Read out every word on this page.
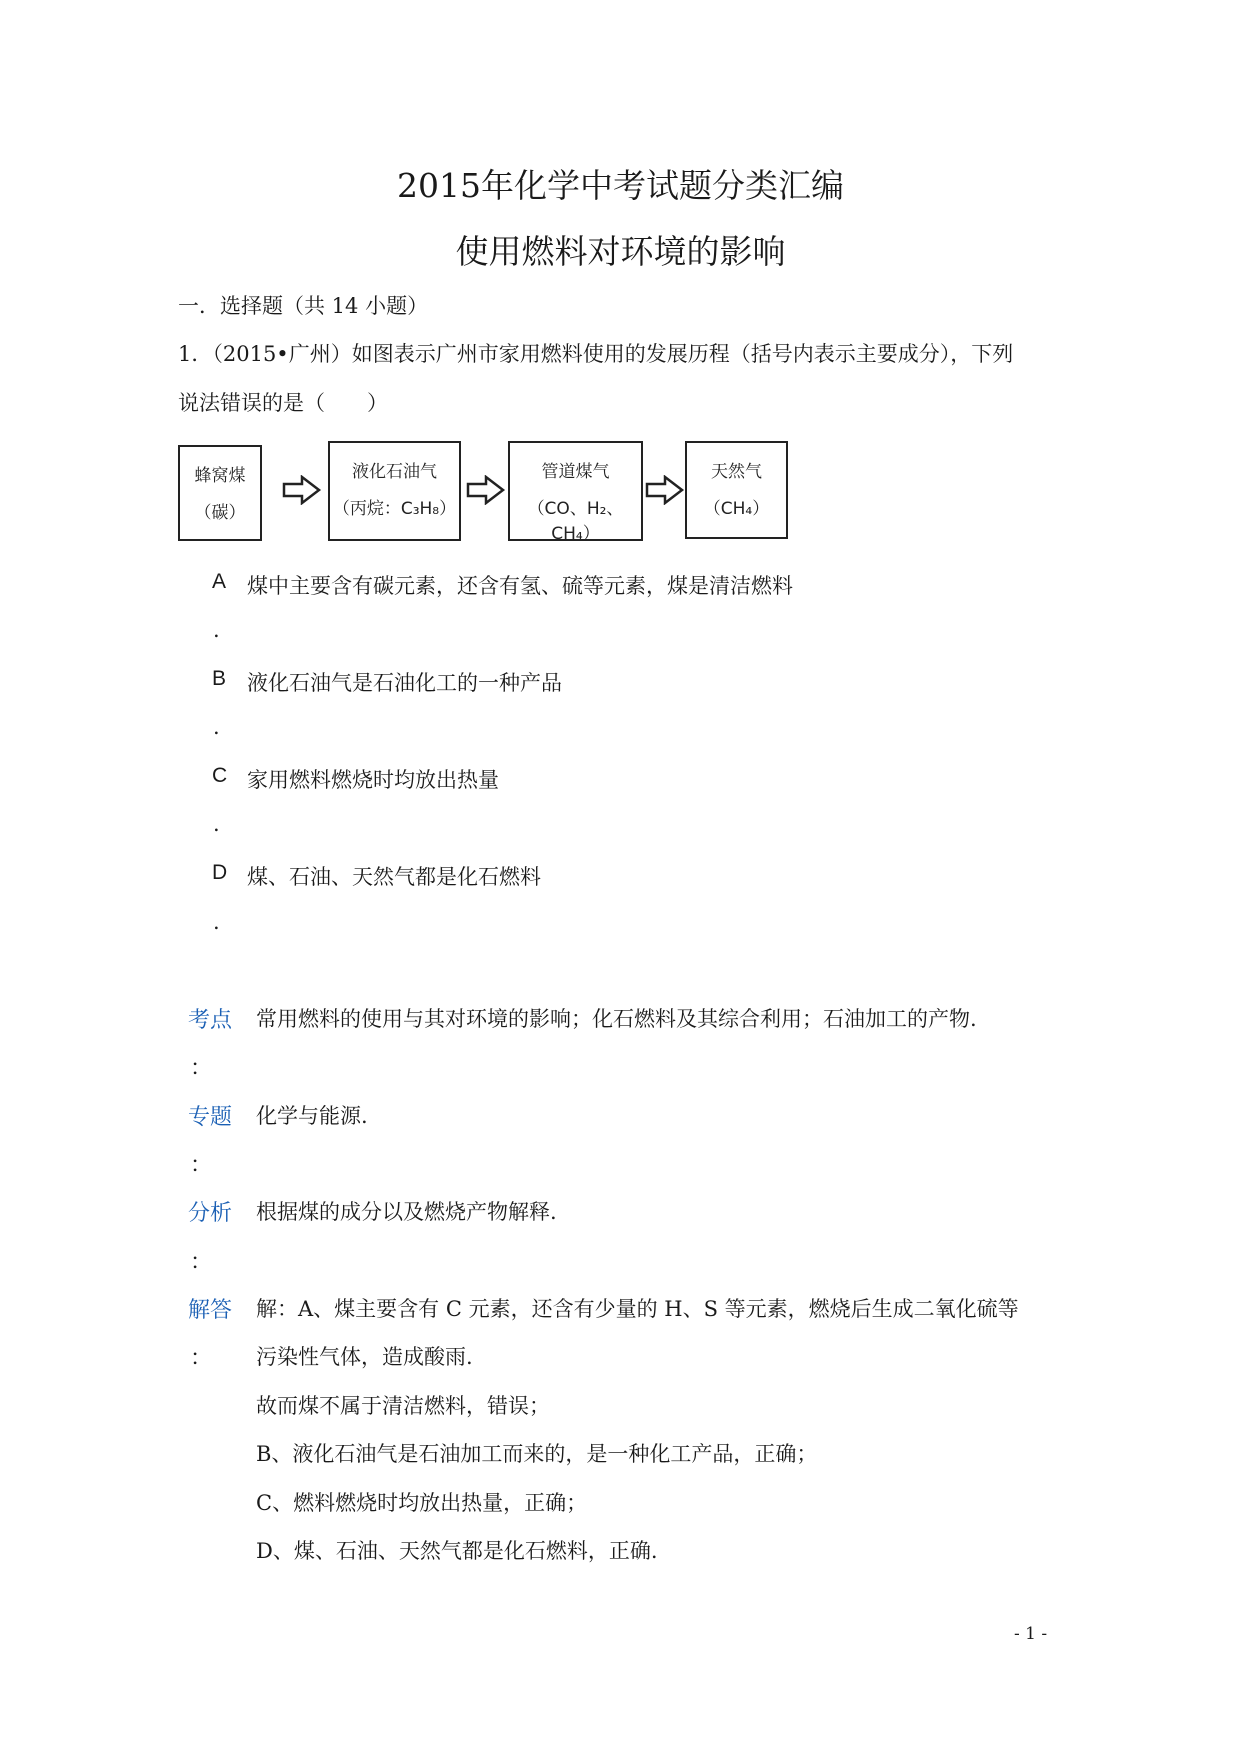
2015年化学中考试题分类汇编
使用燃料对环境的影响
一．选择题（共 14 小题）
1．（2015•广州）如图表示广州市家用燃料使用的发展历程（括号内表示主要成分），下列
说法错误的是（　　）
蜂窝煤
（碳）
液化石油气
（丙烷：C₃H₈）
管道煤气
（CO、H₂、CH₄）
天然气
（CH₄）
A 煤中主要含有碳元素，还含有氢、硫等元素，煤是清洁燃料
.
B 液化石油气是石油化工的一种产品
.
C 家用燃料燃烧时均放出热量
.
D 煤、石油、天然气都是化石燃料
.
考点
：
常用燃料的使用与其对环境的影响；化石燃料及其综合利用；石油加工的产物.
专题
：
化学与能源.
分析
：
根据煤的成分以及燃烧产物解释.
解答
：
解：A、煤主要含有 C 元素，还含有少量的 H、S 等元素，燃烧后生成二氧化硫等
污染性气体，造成酸雨.
故而煤不属于清洁燃料，错误；
B、液化石油气是石油加工而来的，是一种化工产品，正确；
C、燃料燃烧时均放出热量，正确；
D、煤、石油、天然气都是化石燃料，正确.
- 1 -
